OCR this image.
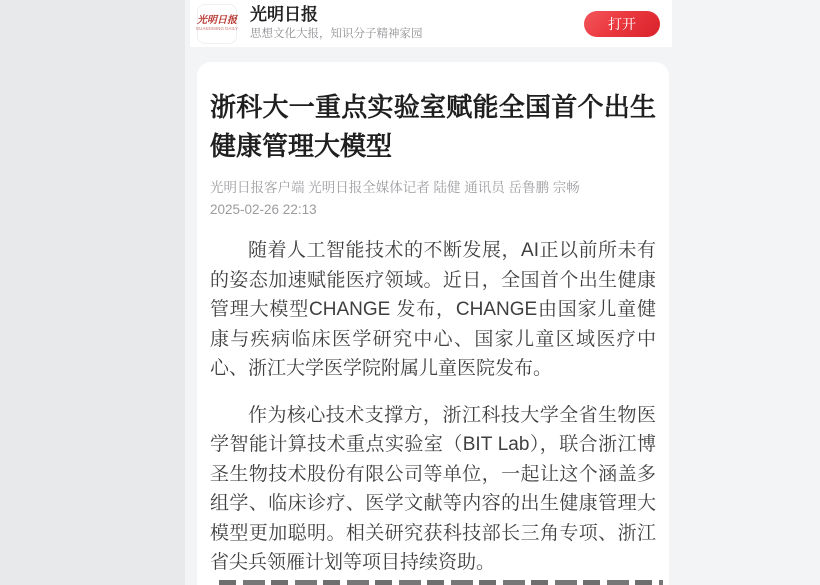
光明日报
GUANGMING DAILY
光明日报
思想文化大报，知识分子精神家园
打开
浙科大一重点实验室赋能全国首个出生健康管理大模型
光明日报客户端 光明日报全媒体记者 陆健 通讯员 岳鲁鹏 宗畅
2025-02-26 22:13

随着人工智能技术的不断发展，AI正以前所未有的姿态加速赋能医疗领域。近日，全国首个出生健康管理大模型CHANGE 发布，CHANGE由国家儿童健康与疾病临床医学研究中心、国家儿童区域医疗中心、浙江大学医学院附属儿童医院发布。

作为核心技术支撑方，浙江科技大学全省生物医学智能计算技术重点实验室（BIT Lab），联合浙江博圣生物技术股份有限公司等单位，一起让这个涵盖多组学、临床诊疗、医学文献等内容的出生健康管理大模型更加聪明。相关研究获科技部长三角专项、浙江省尖兵领雁计划等项目持续资助。
